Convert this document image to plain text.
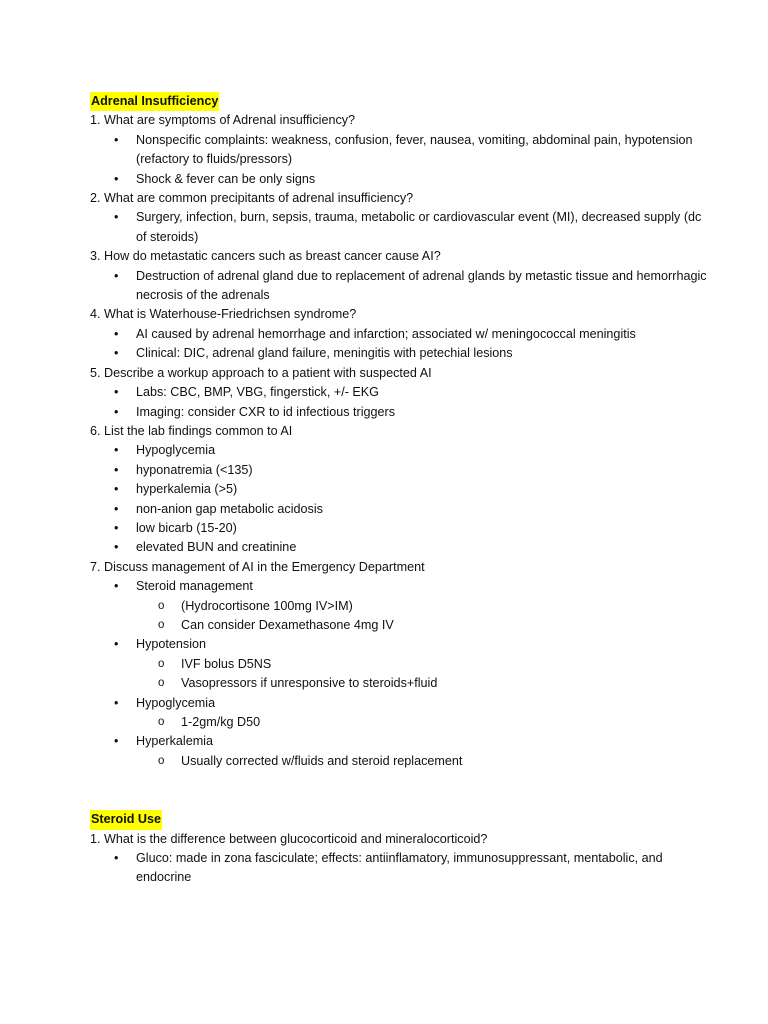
Adrenal Insufficiency
1. What are symptoms of Adrenal insufficiency?
• Nonspecific complaints: weakness, confusion, fever, nausea, vomiting, abdominal pain, hypotension (refactory to fluids/pressors)
• Shock & fever can be only signs
2. What are common precipitants of adrenal insufficiency?
• Surgery, infection, burn, sepsis, trauma, metabolic or cardiovascular event (MI), decreased supply (dc of steroids)
3. How do metastatic cancers such as breast cancer cause AI?
• Destruction of adrenal gland due to replacement of adrenal glands by metastic tissue and hemorrhagic necrosis of the adrenals
4. What is Waterhouse-Friedrichsen syndrome?
• AI caused by adrenal hemorrhage and infarction; associated w/ meningococcal meningitis
• Clinical: DIC, adrenal gland failure, meningitis with petechial lesions
5. Describe a workup approach to a patient with suspected AI
• Labs: CBC, BMP, VBG, fingerstick, +/- EKG
• Imaging: consider CXR to id infectious triggers
6. List the lab findings common to AI
• Hypoglycemia
• hyponatremia (<135)
• hyperkalemia (>5)
• non-anion gap metabolic acidosis
• low bicarb (15-20)
• elevated BUN and creatinine
7. Discuss management of AI in the Emergency Department
• Steroid management
o (Hydrocortisone 100mg IV>IM)
o Can consider Dexamethasone 4mg IV
• Hypotension
o IVF bolus D5NS
o Vasopressors if unresponsive to steroids+fluid
• Hypoglycemia
o 1-2gm/kg D50
• Hyperkalemia
o Usually corrected w/fluids and steroid replacement
Steroid Use
1. What is the difference between glucocorticoid and mineralocorticoid?
• Gluco: made in zona fasciculate; effects: antiinflamatory, immunosuppressant, mentabolic, and endocrine
